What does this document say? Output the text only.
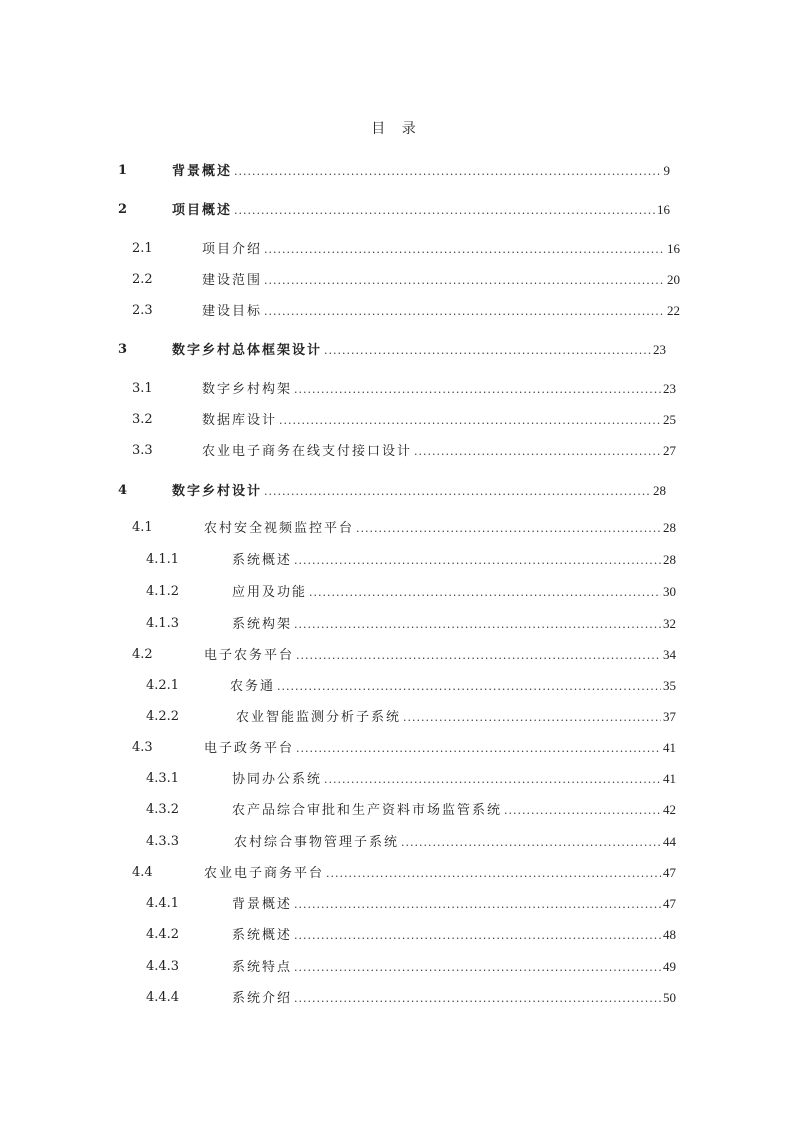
目 录
1	背景概述 .....	9
2	项目概述 .....	16
2.1	项目介绍 .....	16
2.2	建设范围 .....	20
2.3	建设目标 .....	22
3	数字乡村总体框架设计 .....	23
3.1	数字乡村构架 .....	23
3.2	数据库设计 .....	25
3.3	农业电子商务在线支付接口设计 .....	27
4	数字乡村设计 .....	28
4.1	农村安全视频监控平台 .....	28
4.1.1	系统概述 .....	28
4.1.2	应用及功能 .....	30
4.1.3	系统构架 .....	32
4.2	电子农务平台 .....	34
4.2.1	农务通 .....	35
4.2.2	农业智能监测分析子系统 .....	37
4.3	电子政务平台 .....	41
4.3.1	协同办公系统 .....	41
4.3.2	农产品综合审批和生产资料市场监管系统 .....	42
4.3.3	农村综合事物管理子系统 .....	44
4.4	农业电子商务平台 .....	47
4.4.1	背景概述 .....	47
4.4.2	系统概述 .....	48
4.4.3	系统特点 .....	49
4.4.4	系统介绍 .....	50
